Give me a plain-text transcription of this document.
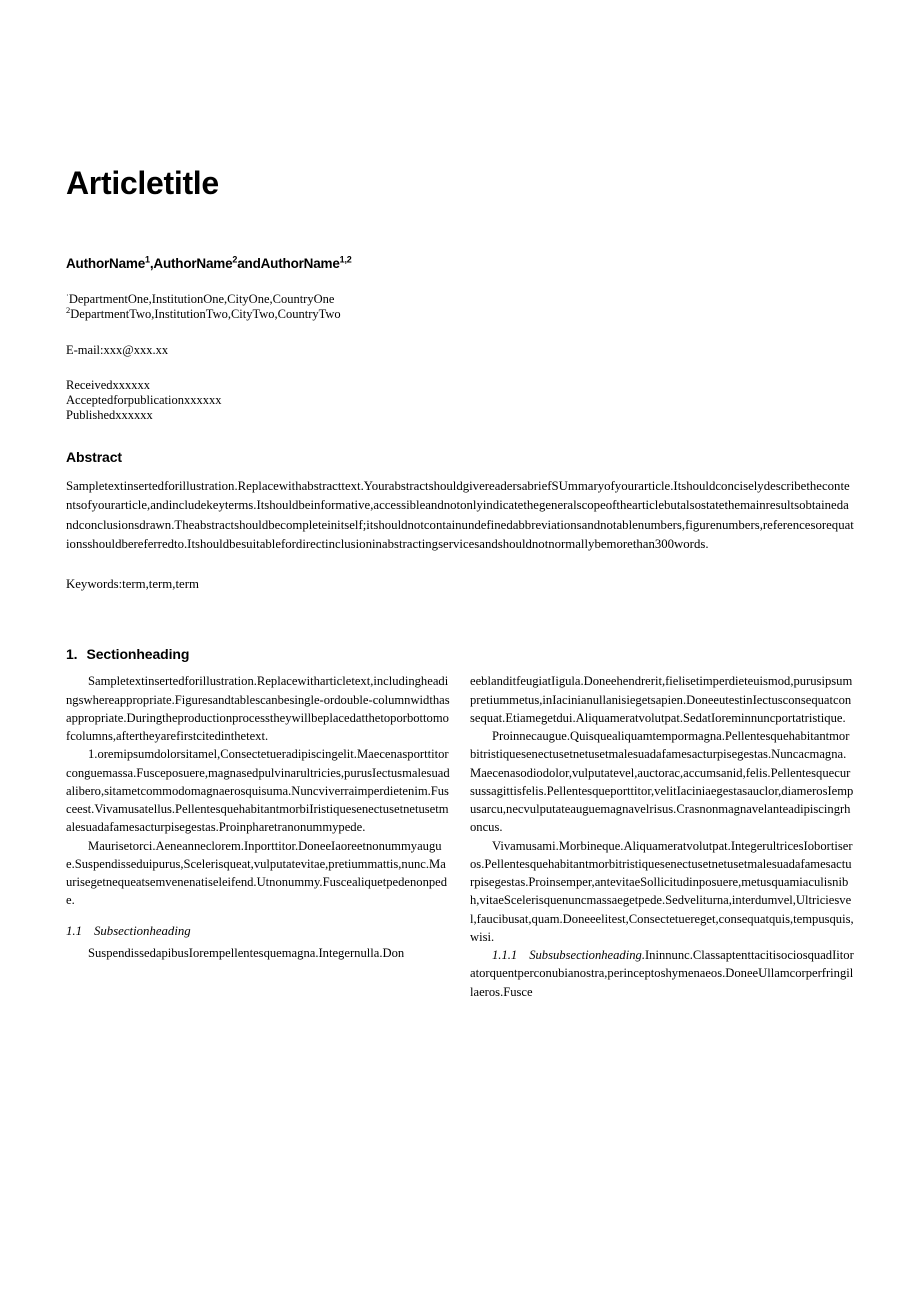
Articletitle
AuthorName$^1$,AuthorName$^2$andAuthorName$^{1,2}$
·DepartmentOne,InstitutionOne,CityOne,CountryOne
$^2$DepartmentTwo,InstitutionTwo,CityTwo,CountryTwo
E-mail:xxx@xxx.xx
Receivedxxxxxx
Acceptedforpublicationxxxxxx
Publishedxxxxxx
Abstract
Sampletextinsertedforillustration.Replacewithabstracttext.YourabstractshouldgivereadersabriefSUmmaryofyourarticle.Itshouldconciselydescribethecontentsofyourarticle,andincludekeyterms.Itshouldbeinformative,accessibleandnotonlyindicatethegeneralscopeofthearticlebutalsostatethemainresultsobtainedandconclusionsdrawn.Theabstractshouldbecompleteinitself;itshouldnotcontainundefinedabbreviationsandnotablenumbers,figurenumbers,referencesorequationsshouldbereferredto.Itshouldbesuitablefordirectinclusioninabstractingservicesandshouldnotnormallybemorethan300words.
Keywords:term,term,term
1. Sectionheading

Sampletextinsertedforillustration.Replacewitharticletext,includingheadingswhereappropriate.Figuresandtablescanbesingle-ordouble-columnwidthasappropriate.Duringtheproductionprocesstheywillbeplacedatthetoporbottomofcolumns,aftertheyarefirstcitedinthetext.

1.oremipsumdolorsitamel,Consectetueradipiscingelit.Maecenasporttitorconguemassa.Fusceposuere,magnasedpulvinarultricies,purusIectusmalesuadalibero,sitametcommodomagnaerosquisuma.Nuncviverraimperdietenim.Fusceest.Vivamusatellus.PellentesquehabitantmorbiIristiquesenectusetnetusetmalesuadafamesacturpisegestas.Proinpharetranonummypede.

Maurisetorci.Aeneanneclorem.Inporttitor.DoneeIaoreetnonummyaugue.Suspendisseduipurus,Scelerisqueat,vulputatevitae,pretiummattis,nunc.Maurisegetnequeatsemvenenatiseleifend.Utnonummy.Fuscealiquetpedenonpede.

1.1 Subsectionheading

SuspendissedapibusIorempellentesquemagna.Integernulla.Don

eeblanditfeugiatIigula.Doneehendrerit,fielisetimperdieteuismod,purusipsumpretiummetus,inIacinianullanisiegetsapien.DoneeutestinIectusconsequatconsequat.Etiamegetdui.Aliquameratvolutpat.SedatIoreminnuncportatristique.

Proinnecaugue.Quisquealiquamtempormagna.Pellentesquehabitantmorbitristiquesenectusetnetusetmalesuadafamesacturpisegestas.Nuncacmagna.Maecenasodiodolor,vulputatevel,auctorac,accumsanid,felis.Pellentesquecursussagittisfelis.Pellentesqueporttitor,velitIaciniaegestasauclor,diamerosIempusarcu,necvulputateauguemagnavelrisus.Crasnonmagnavelanteadipiscingrhoncus.

Vivamusami.Morbineque.Aliquameratvolutpat.IntegerultricesIobortiseros.Pellentesquehabitantmorbitristiquesenectusetnetusetmalesuadafamesacturpisegestas.Proinsemper,antevitaeSollicitudinposuere,metusquamiaculisnibh,vitaeScelerisquenuncmassaegetpede.Sedveliturna,interdumvel,Ultriciesvel,faucibusat,quam.Doneeelitest,Consectetuereget,consequatquis,tempusquis,wisi.

1.1.1 Subsubsectionheading.Ininnunc.ClassaptenttacitisociosquadIitoratorquentperconubianostra,perinceptoshymenaeos.DoneeUllamcorperfringillaeros.Fusce
